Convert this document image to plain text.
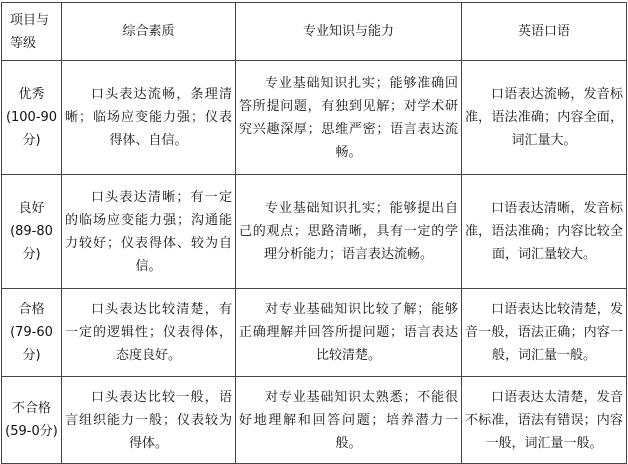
项目与等级	综合素质	专业知识与能力	英语口语

优秀
(100-90分)	口头表达流畅，条理清晰；临场应变能力强；仪表得体、自信。	专业基础知识扎实；能够准确回答所提问题，有独到见解；对学术研究兴趣深厚；思维严密；语言表达流畅。	口语表达流畅，发音标准，语法准确；内容全面，词汇量大。

良好
(89-80分)	口头表达清晰；有一定的临场应变能力强；沟通能力较好；仪表得体、较为自信。	专业基础知识扎实；能够提出自己的观点；思路清晰，具有一定的学理分析能力；语言表达流畅。	口语表达清晰，发音标准，语法准确；内容比较全面，词汇量较大。

合格
(79-60分)	口头表达比较清楚，有一定的逻辑性；仪表得体，态度良好。	对专业基础知识比较了解；能够正确理解并回答所提问题；语言表达比较清楚。	口语表达比较清楚，发音一般，语法正确；内容一般，词汇量一般。

不合格
(59-0分)	口头表达比较一般，语言组织能力一般；仪表较为得体。	对专业基础知识太熟悉；不能很好地理解和回答问题；培养潜力一般。	口语表达太清楚，发音不标准，语法有错误；内容一般，词汇量一般。
